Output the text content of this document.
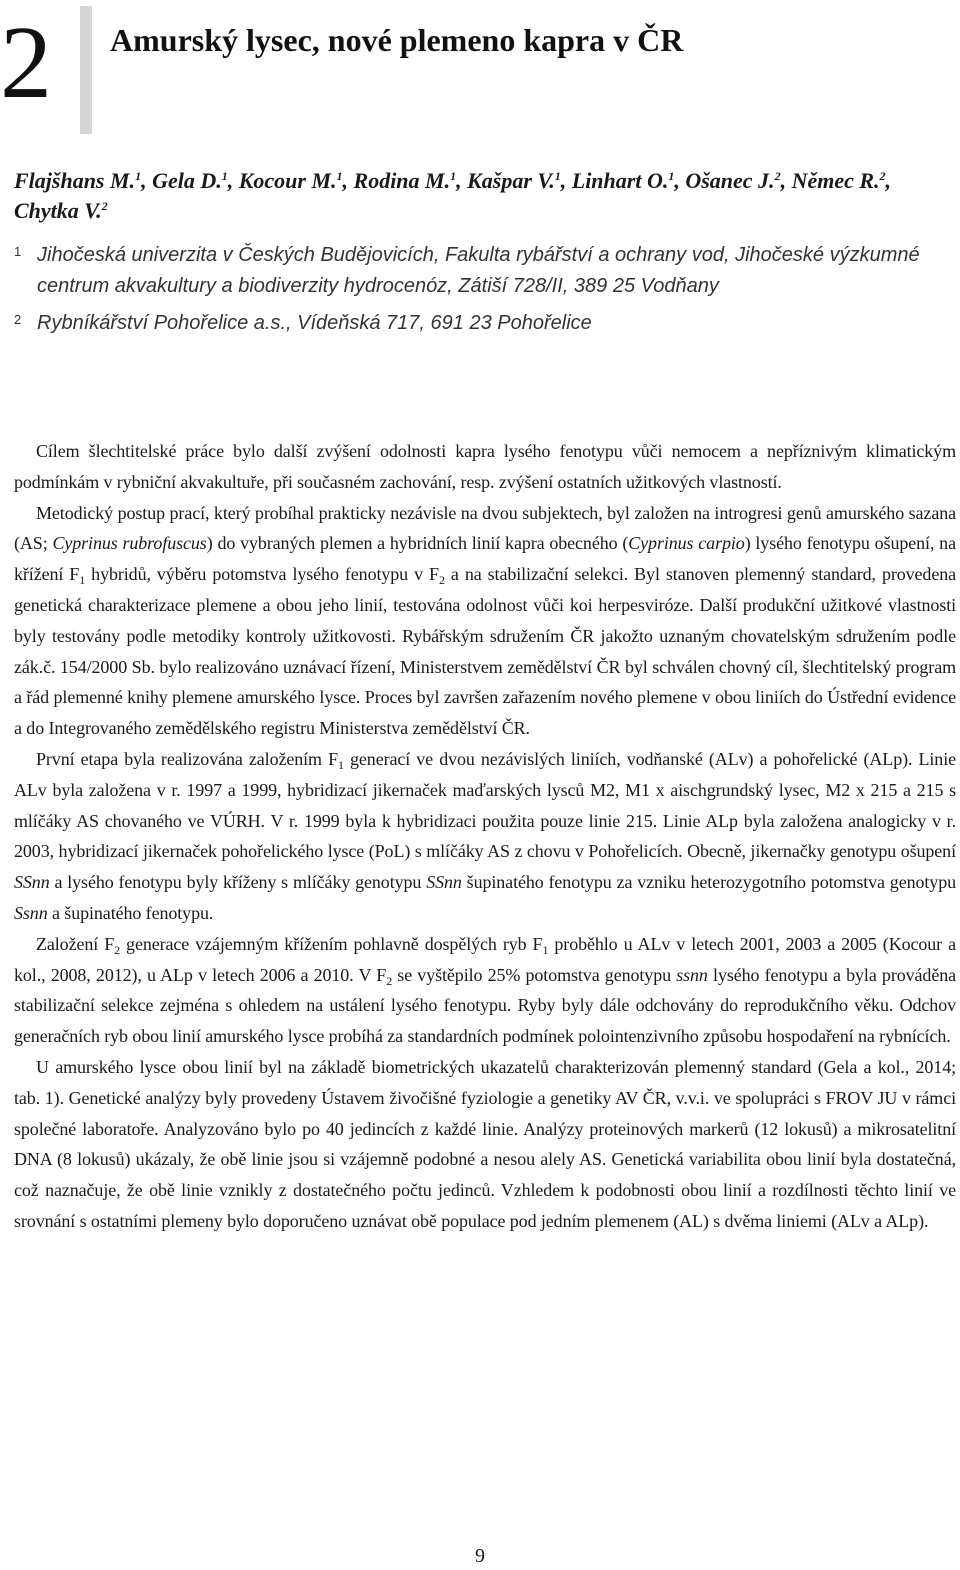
2 Amurský lysec, nové plemeno kapra v ČR

Flajšhans M.$^1$, Gela D.$^1$, Kocour M.$^1$, Rodina M.$^1$, Kašpar V.$^1$, Linhart O.$^1$, Ošanec J.$^2$, Němec R.$^2$, Chytka V.$^2$

1 Jihočeská univerzita v Českých Budějovicích, Fakulta rybářství a ochrany vod, Jihočeské výzkumné centrum akvakultury a biodiverzity hydrocenóz, Zátiší 728/II, 389 25 Vodňany

2 Rybníkářství Pohořelice a.s., Vídeňská 717, 691 23 Pohořelice

Cílem šlechtitelské práce bylo další zvýšení odolnosti kapra lysého fenotypu vůči nemocem a nepříznivým klimatickým podmínkám v rybniční akvakultuře, při současném zachování, resp. zvýšení ostatních užitkových vlastností.

Metodický postup prací, který probíhal prakticky nezávisle na dvou subjektech, byl založen na introgresi genů amurského sazana (AS; Cyprinus rubrofuscus) do vybraných plemen a hybridních linií kapra obecného (Cyprinus carpio) lysého fenotypu ošupení, na křížení $F_1$ hybridů, výběru potomstva lysého fenotypu v $F_2$ a na stabilizační selekci. Byl stanoven plemenný standard, provedena genetická charakterizace plemene a obou jeho linií, testována odolnost vůči koi herpesviróze. Další produkční užitkové vlastnosti byly testovány podle metodiky kontroly užitkovosti. Rybářským sdružením ČR jakožto uznaným chovatelským sdružením podle zák.č. 154/2000 Sb. bylo realizováno uznávací řízení, Ministerstvem zemědělství ČR byl schválen chovný cíl, šlechtitelský program a řád plemenné knihy plemene amurského lysce. Proces byl završen zařazením nového plemene v obou liniích do Ústřední evidence a do Integrovaného zemědělského registru Ministerstva zemědělství ČR.

První etapa byla realizována založením $F_1$ generací ve dvou nezávislých liniích, vodňanské (ALv) a pohořelické (ALp). Linie ALv byla založena v r. 1997 a 1999, hybridizací jikernaček maďarských lysců M2, M1 x aischgrundský lysec, M2 x 215 a 215 s mlíčáky AS chovaného ve VÚRH. V r. 1999 byla k hybridizaci použita pouze linie 215. Linie ALp byla založena analogicky v r. 2003, hybridizací jikernaček pohořelického lysce (PoL) s mlíčáky AS z chovu v Pohořelicích. Obecně, jikernačky genotypu ošupení SSnn a lysého fenotypu byly kříženy s mlíčáky genotypu SSnn šupinatého fenotypu za vzniku heterozygotního potomstva genotypu Ssnn a šupinatého fenotypu.

Založení $F_2$ generace vzájemným křížením pohlavně dospělých ryb $F_1$ proběhlo u ALv v letech 2001, 2003 a 2005 (Kocour a kol., 2008, 2012), u ALp v letech 2006 a 2010. V $F_2$ se vyštěpilo 25% potomstva genotypu ssnn lysého fenotypu a byla prováděna stabilizační selekce zejména s ohledem na ustálení lysého fenotypu. Ryby byly dále odchovány do reprodukčního věku. Odchov generačních ryb obou linií amurského lysce probíhá za standardních podmínek polointenzivního způsobu hospodaření na rybnících.

U amurského lysce obou linií byl na základě biometrických ukazatelů charakterizován plemenný standard (Gela a kol., 2014; tab. 1). Genetické analýzy byly provedeny Ústavem živočišné fyziologie a genetiky AV ČR, v.v.i. ve spolupráci s FROV JU v rámci společné laboratoře. Analyzováno bylo po 40 jedincích z každé linie. Analýzy proteinových markerů (12 lokusů) a mikrosatelitní DNA (8 lokusů) ukázaly, že obě linie jsou si vzájemně podobné a nesou alely AS. Genetická variabilita obou linií byla dostatečná, což naznačuje, že obě linie vznikly z dostatečného počtu jedinců. Vzhledem k podobnosti obou linií a rozdílnosti těchto linií ve srovnání s ostatními plemeny bylo doporučeno uznávat obě populace pod jedním plemenem (AL) s dvěma liniemi (ALv a ALp).

9
